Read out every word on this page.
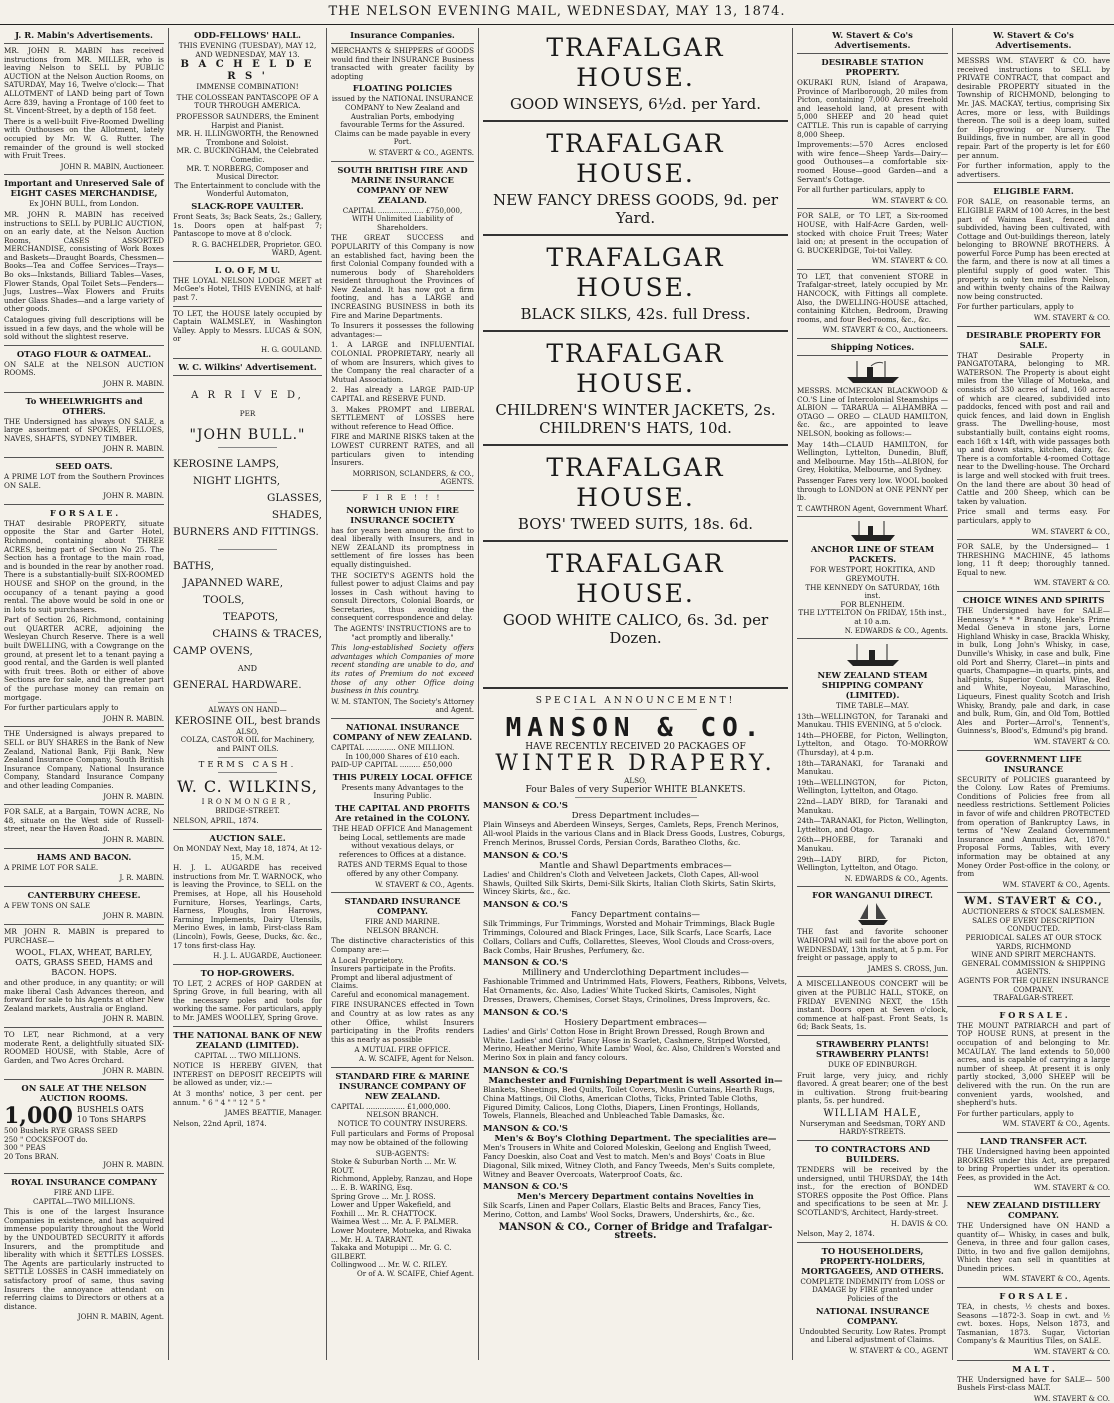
THE NELSON EVENING MAIL, WEDNESDAY, MAY 13, 1874.
J. R. Mabin's Advertisements.
MR. JOHN R. MABIN has received instructions from MR. MILLER, who is leaving Nelson to SELL by PUBLIC AUCTION at the Nelson Auction Rooms, on SATURDAY, May 16, Twelve o'clock:— That ALLOTMENT of LAND being part of Town Acre 839, having a Frontage of 100 feet to St. Vincent-Street, by a depth of 158 feet.
There is a well-built Five-Roomed Dwelling with Outhouses on the Allotment, lately occupied by Mr. W. G. Rutter. The remainder of the ground is well stocked with Fruit Trees.
JOHN R. MABIN, Auctioneer.
Important and Unreserved Sale of EIGHT CASES MERCHANDISE,
Ex JOHN BULL, from London.
MR. JOHN R. MABIN has received instructions to SELL by PUBLIC AUCTION, on an early date, at the Nelson Auction Rooms, CASES ASSORTED MERCHANDISE, consisting of Work Boxes and Baskets—Draught Boards, Chessmen—Books—Tea and Coffee Services—Trays—Bo oks—Inkstands, Billiard Tables—Vases, Flower Stands, Opal Toilet Sets—Fenders—Jugs, Lustres—Wax Flowers and Fruits under Glass Shades—and a large variety of other goods.
Catalogues giving full descriptions will be issued in a few days, and the whole will be sold without the slightest reserve.
OTAGO FLOUR & OATMEAL.
ON SALE at the NELSON AUCTION ROOMS.
JOHN R. MABIN.
To WHEELWRIGHTS and OTHERS.
THE Undersigned has always ON SALE, a large assortment of SPOKES, FELLOES, NAVES, SHAFTS, SYDNEY TIMBER.
JOHN R. MABIN.
SEED OATS.
A PRIME LOT from the Southern Provinces ON SALE.
JOHN R. MABIN.
F O R S A L E .
THAT desirable PROPERTY, situate opposite the Star and Garter Hotel, Richmond, containing about THREE ACRES, being part of Section No 25. The Section has a frontage to the main road, and is bounded in the rear by another road. There is a substantially-built SIX-ROOMED HOUSE and SHOP on the ground, in the occupancy of a tenant paying a good rental. The above would be sold in one or in lots to suit purchasers.
Part of Section 26, Richmond, containing out QUARTER ACRE, adjoining the Wesleyan Church Reserve. There is a well built DWELLING, with a Cowgrange on the ground, at present let to a tenant paying a good rental, and the Garden is well planted with fruit trees. Both or either of above Sections are for sale, and the greater part of the purchase money can remain on mortgage.
For further particulars apply to
JOHN R. MABIN.
THE Undersigned is always prepared to SELL or BUY SHARES in the Bank of New Zealand, National Bank, Fiji Bank, New Zealand Insurance Company, South British Insurance Company, National Insurance Company, Standard Insurance Company and other leading Companies.
JOHN R. MABIN.
FOR SALE, at a Bargain, TOWN ACRE, No 48, situate on the West side of Russell-street, near the Haven Road.
JOHN R. MABIN.
HAMS AND BACON.
A PRIME LOT FOR SALE.
J. R. MABIN.
CANTERBURY CHEESE.
A FEW TONS ON SALE
JOHN R. MABIN.
MR JOHN R. MABIN is prepared to PURCHASE—
WOOL, FLAX, WHEAT, BARLEY, OATS, GRASS SEED, HAMS and BACON. HOPS.
and other produce, in any quantity; or will make liberal Cash Advances thereon, and forward for sale to his Agents at other New Zealand markets, Australia or England.
JOHN R. MABIN.
TO LET, near Richmond, at a very moderate Rent, a delightfully situated SIX-ROOMED HOUSE, with Stable, Acre of Garden, and Two Acres Orchard.
JOHN R. MABIN.
ON SALE AT THE NELSON AUCTION ROOMS.
1,000 BUSHELS OATS
10 Tons SHARPS
500 Bushels RYE GRASS SEED
250 " COCKSFOOT do.
300 " PEAS
20 Tons BRAN.
JOHN R. MABIN.
ROYAL INSURANCE COMPANY
FIRE AND LIFE.
CAPITAL—TWO MILLIONS.
This is one of the largest Insurance Companies in existence, and has acquired immense popularity throughout the World by the UNDOUBTED SECURITY it affords Insurers, and the promptitude and liberality with which it SETTLES LOSSES. The Agents are particularly instructed to SETTLE LOSSES in CASH immediately on satisfactory proof of same, thus saving Insurers the annoyance attendant on referring claims to Directors or others at a distance.
JOHN R. MABIN, Agent.
ODD-FELLOWS' HALL.
THIS EVENING (TUESDAY), MAY 12, AND WEDNESDAY, MAY 13.
B A C H E L D E R S '
IMMENSE COMBINATION!
THE COLOSSEAN PANTASCOPE OF A TOUR THROUGH AMERICA.
PROFESSOR SAUNDERS, the Eminent Harpist and Pianist.
MR. H. ILLINGWORTH, the Renowned Trombone and Soloist.
MR. C. BUCKINGHAM, the Celebrated Comedic.
MR. T. NORBERG, Composer and Musical Director.
The Entertainment to conclude with the Wonderful Automaton,
SLACK-ROPE VAULTER.
Front Seats, 3s; Back Seats, 2s.; Gallery, 1s. Doors open at half-past 7; Pantascope to move at 8 o'clock.
R. G. BACHELDER, Proprietor. GEO. WARD, Agent.
I. O. O F, M U.
THE LOYAL NELSON LODGE MEET at McGee's Hotel, THIS EVENING, at half-past 7.
TO LET, the HOUSE lately occupied by Captain WALMSLEY, in Washington Valley. Apply to Messrs. LUCAS & SON, or
H. G. GOULAND.
W. C. Wilkins' Advertisement.
A R R I V E D,
PER
"JOHN BULL."
KEROSINE LAMPS,
NIGHT LIGHTS,
GLASSES,
SHADES,
BURNERS AND FITTINGS.
BATHS,
JAPANNED WARE,
TOOLS,
TEAPOTS,
CHAINS & TRACES,
CAMP OVENS,
AND
GENERAL HARDWARE.
ALWAYS ON HAND—
KEROSINE OIL, best brands
ALSO,
COLZA, CASTOR OIL for Machinery, and PAINT OILS.
TERMS CASH.
W. C. WILKINS,
IRONMONGER,
BRIDGE-STREET.
NELSON, APRIL, 1874.
AUCTION SALE.
On MONDAY Next, May 18, 1874, At 12-15, M.M.
H. J. L. AUGARDE has received instructions from Mr. T. WARNOCK, who is leaving the Province, to SELL on the Premises, at Hope, all his Household Furniture, Horses, Yearlings, Carts, Harness, Ploughs, Iron Harrows, Farming Implements, Dairy Utensils, Merino Ewes, in lamb, First-class Ram (Lincoln), Fowls, Geese, Ducks, &c. &c., 17 tons first-class Hay.
H. J. L. AUGARDE, Auctioneer.
TO HOP-GROWERS.
TO LET, 2 ACRES of HOP GARDEN at Spring Grove, in full bearing, with all the necessary poles and tools for working the same. For particulars, apply to Mr. JAMES WOOLLEY, Spring Grove.
THE NATIONAL BANK OF NEW ZEALAND (LIMITED).
CAPITAL ... TWO MILLIONS.
NOTICE IS HEREBY GIVEN, that INTEREST on DEPOSIT RECEIPTS will be allowed as under, viz.:—
At 3 months' notice, 3 per cent. per annum. " 6 " 4 " " 12 " 5 "
JAMES BEATTIE, Manager.
Nelson, 22nd April, 1874.
Insurance Companies.
MERCHANTS & SHIPPERS of GOODS would find their INSURANCE Business transacted with greater facility by adopting
FLOATING POLICIES
issued by the NATIONAL INSURANCE COMPANY to New Zealand and Australian Ports, embodying favourable Terms for the Assured. Claims can be made payable in every Port.
W. STAVERT & CO., AGENTS.
SOUTH BRITISH FIRE AND MARINE INSURANCE COMPANY OF NEW ZEALAND.
CAPITAL .................... £750,000,
WITH Unlimited Liability of Shareholders.
THE GREAT SUCCESS and POPULARITY of this Company is now an established fact, having been the first Colonial Company founded with a numerous body of Shareholders resident throughout the Provinces of New Zealand. It has now got a firm footing, and has a LARGE and INCREASING BUSINESS in both its Fire and Marine Departments.
To Insurers it possesses the following advantages:—
1. A LARGE and INFLUENTIAL COLONIAL PROPRIETARY, nearly all of whom are Insurers, which gives to the Company the real character of a Mutual Association.
2. Has already a LARGE PAID-UP CAPITAL and RESERVE FUND.
3. Makes PROMPT and LIBERAL SETTLEMENT of LOSSES here without reference to Head Office.
FIRE and MARINE RISKS taken at the LOWEST CURRENT RATES, and all particulars given to intending Insurers.
MORRISON, SCLANDERS, & CO., AGENTS.
F I R E ! ! !
NORWICH UNION FIRE INSURANCE SOCIETY
has for years been among the first to deal liberally with Insurers, and in NEW ZEALAND its promptness in settlement of fire losses has been equally distinguished.
THE SOCIETY'S AGENTS hold the fullest power to adjust Claims and pay losses in Cash without having to consult Directors, Colonial Boards, or Secretaries, thus avoiding the consequent correspondence and delay.
The AGENTS' INSTRUCTIONS are to "act promptly and liberally."
This long-established Society offers advantages which Companies of more recent standing are unable to do, and its rates of Premium do not exceed those of any other Office doing business in this country.
W. M. STANTON, The Society's Attorney and Agent.
NATIONAL INSURANCE COMPANY of NEW ZEALAND.
CAPITAL ............. ONE MILLION.
In 100,000 Shares of £10 each.
PAID-UP CAPITAL ......... £50,000
THIS PURELY LOCAL OFFICE
Presents many Advantages to the Insuring Public.
THE CAPITAL AND PROFITS Are retained in the COLONY.
THE HEAD OFFICE And Management being Local, settlements are made without vexatious delays, or references to Offices at a distance.
RATES AND TERMS Equal to those offered by any other Company.
W. STAVERT & CO., Agents.
STANDARD INSURANCE COMPANY.
FIRE AND MARINE.
NELSON BRANCH.
The distinctive characteristics of this Company are:—
A Local Proprietory.
Insurers participate in the Profits.
Prompt and liberal adjustment of Claims.
Careful and economical management.
FIRE INSURANCES effected in Town and Country at as low rates as any other Office, whilst Insurers participating in the Profits renders this as nearly as possible
A MUTUAL FIRE OFFICE.
A. W. SCAIFE, Agent for Nelson.
STANDARD FIRE & MARINE INSURANCE COMPANY OF NEW ZEALAND.
CAPITAL ................. £1,000,000.
NELSON BRANCH.
NOTICE TO COUNTRY INSURERS.
Full particulars and Forms of Proposal may now be obtained of the following
SUB-AGENTS:
Stoke & Suburban North ... Mr. W. ROUT.
Richmond, Appleby, Ranzau, and Hope ... E. B. WARING, Esq.
Spring Grove ... Mr. J. ROSS.
Lower and Upper Wakefield, and Foxhill ... Mr. R. CHATTOCK.
Waimea West ... Mr. A. F. PALMER.
Lower Moutere, Motueka, and Riwaka ... Mr. H. A. TARRANT.
Takaka and Motupipi ... Mr. G. C. GILBERT.
Collingwood ... Mr. W. C. RILEY.
Or of A. W. SCAIFE, Chief Agent.
TRAFALGAR HOUSE.
GOOD WINSEYS, 6½d. per Yard.
TRAFALGAR HOUSE.
NEW FANCY DRESS GOODS, 9d. per Yard.
TRAFALGAR HOUSE.
BLACK SILKS, 42s. full Dress.
TRAFALGAR HOUSE.
CHILDREN'S WINTER JACKETS, 2s. CHILDREN'S HATS, 10d.
TRAFALGAR HOUSE.
BOYS' TWEED SUITS, 18s. 6d.
TRAFALGAR HOUSE.
GOOD WHITE CALICO, 6s. 3d. per Dozen.
SPECIAL ANNOUNCEMENT!
MANSON & CO.
HAVE RECENTLY RECEIVED 20 PACKAGES OF
WINTER DRAPERY.
ALSO,
Four Bales of very Superior WHITE BLANKETS.
MANSON & CO.'S
Dress Department includes—
Plain Winseys and Aberdeen Winseys, Serges, Camlets, Reps, French Merinos, All-wool Plaids in the various Clans and in Black Dress Goods, Lustres, Coburgs, French Merinos, Brussel Cords, Persian Cords, Baratheo Cloths, &c.
MANSON & CO.'S
Mantle and Shawl Departments embraces—
Ladies' and Children's Cloth and Velveteen Jackets, Cloth Capes, All-wool Shawls, Quilted Silk Skirts, Demi-Silk Skirts, Italian Cloth Skirts, Satin Skirts, Wincey Skirts, &c., &c.
MANSON & CO.'S
Fancy Department contains—
Silk Trimmings, Fur Trimmings, Worsted and Mohair Trimmings, Black Bugle Trimmings, Coloured and Black Fringes, Lace, Silk Scarfs, Lace Scarfs, Lace Collars, Collars and Cuffs, Collarettes, Sleeves, Wool Clouds and Cross-overs, Back Combs, Hair Brushes, Perfumery, &c.
MANSON & CO.'S
Millinery and Underclothing Department includes—
Fashionable Trimmed and Untrimmed Hats, Flowers, Feathers, Ribbons, Velvets, Hat Ornaments, &c. Also, Ladies' White Tucked Skirts, Camisoles, Night Dresses, Drawers, Chemises, Corset Stays, Crinolines, Dress Improvers, &c.
MANSON & CO.'S
Hosiery Department embraces—
Ladies' and Girls' Cotton Hose in Bright Brown Dressed, Rough Brown and White. Ladies' and Girls' Fancy Hose in Scarlet, Cashmere, Striped Worsted, Merino, Heather Merino, White Lambs' Wool, &c. Also, Children's Worsted and Merino Sox in plain and fancy colours.
MANSON & CO.'S
Manchester and Furnishing Department is well Assorted in—
Blankets, Sheetings, Bed Quilts, Toilet Covers, Muslin Curtains, Hearth Rugs, China Mattings, Oil Cloths, American Cloths, Ticks, Printed Table Cloths, Figured Dimity, Calicos, Long Cloths, Diapers, Linen Frontings, Hollands, Towels, Flannels, Bleached and Unbleached Table Damasks, &c.
MANSON & CO.'S
Men's & Boy's Clothing Department. The specialities are—
Men's Trousers in White and Colored Moleskin, Geelong and English Tweed, Fancy Doeskin, also Coat and Vest to match. Men's and Boys' Coats in Blue Diagonal, Silk mixed, Witney Cloth, and Fancy Tweeds, Men's Suits complete, Witney and Beaver Overcoats, Waterproof Coats, &c.
MANSON & CO.'S
Men's Mercery Department contains Novelties in
Silk Scarfs, Linen and Paper Collars, Elastic Belts and Braces, Fancy Ties, Merino, Cotton, and Lambs' Wool Socks, Drawers, Undershirts, &c., &c.
MANSON & CO., Corner of Bridge and Trafalgar-streets.
W. Stavert & Co's Advertisements.
DESIRABLE STATION PROPERTY.
OKURAKI RUN, Island of Arapawa, Province of Marlborough, 20 miles from Picton, containing 7,000 Acres freehold and leasehold land, at present with 5,000 SHEEP and 20 head quiet CATTLE. This run is capable of carrying 8,000 Sheep.
Improvements:—570 Acres enclosed with wire fence—Sheep Yards—Dairy—good Outhouses—a comfortable six-roomed House—good Garden—and a Servant's Cottage.
For all further particulars, apply to
WM. STAVERT & CO.
FOR SALE, or TO LET, a Six-roomed HOUSE, with Half-Acre Garden, well-stocked with choice Fruit Trees; Water laid on; at present in the occupation of G. BUCKERIDGE, Toi-toi Valley.
WM. STAVERT & CO.
TO LET, that convenient STORE in Trafalgar-street, lately occupied by Mr. HANCOCK, with Fittings all complete. Also, the DWELLING-HOUSE attached, containing Kitchen, Bedroom, Drawing rooms, and four Bed-rooms, &c., &c.
WM. STAVERT & CO., Auctioneers.
Shipping Notices.
MESSRS. MCMECKAN BLACKWOOD & CO.'S Line of Intercolonial Steamships — ALBION — TARARUA — ALHAMBRA — OTAGO — OREO — CLAUD HAMILTON, &c. &c., are appointed to leave NELSON, booking as follows:—
May 14th—CLAUD HAMILTON, for Wellington, Lyttelton, Dunedin, Bluff, and Melbourne. May 15th—ALBION, for Grey, Hokitika, Melbourne, and Sydney.
Passenger Fares very low. WOOL booked through to LONDON at ONE PENNY per lb.
T. CAWTHRON Agent, Government Wharf.
ANCHOR LINE OF STEAM PACKETS.
FOR WESTPORT, HOKITIKA, AND GREYMOUTH.
THE KENNEDY On SATURDAY, 16th inst.
FOR BLENHEIM.
THE LYTTELTON On FRIDAY, 15th inst., at 10 a.m.
N. EDWARDS & CO., Agents.
NEW ZEALAND STEAM SHIPPING COMPANY (LIMITED).
TIME TABLE—MAY.
13th—WELLINGTON, for Taranaki and Manukau. THIS EVENING, at 5 o'clock.
14th—PHOEBE, for Picton, Wellington, Lyttelton, and Otago. TO-MORROW (Thursday), at 4 p.m.
18th—TARANAKI, for Taranaki and Manukau.
19th—WELLINGTON, for Picton, Wellington, Lyttelton, and Otago.
22nd—LADY BIRD, for Taranaki and Manukau.
24th—TARANAKI, for Picton, Wellington, Lyttelton, and Otago.
26th—PHOEBE, for Taranaki and Manukau.
29th—LADY BIRD, for Picton, Wellington, Lyttelton, and Otago.
N. EDWARDS & CO., Agents.
FOR WANGANUI DIRECT.
THE fast and favorite schooner WAIHOPAI will sail for the above port on WEDNESDAY, 13th instant, at 5 p.m. For freight or passage, apply to
JAMES S. CROSS, Jun.
A MISCELLANEOUS CONCERT will be given at the PUBLIC HALL, STOKE, on FRIDAY EVENING NEXT, the 15th instant. Doors open at Seven o'clock, commence at half-past. Front Seats, 1s 6d; Back Seats, 1s.
STRAWBERRY PLANTS! STRAWBERRY PLANTS!
DUKE OF EDINBURGH.
Fruit large, very juicy, and richly flavored. A great bearer; one of the best in cultivation. Strong fruit-bearing plants, 5s. per hundred.
WILLIAM HALE,
Nurseryman and Seedsman, TORY AND HARDY-STREETS.
TO CONTRACTORS AND BUILDERS.
TENDERS will be received by the undersigned, until THURSDAY, the 14th inst., for the erection of BONDED STORES opposite the Post Office. Plans and specifications to be seen at Mr. J. SCOTLAND'S, Architect, Hardy-street.
H. DAVIS & CO.
Nelson, May 2, 1874.
TO HOUSEHOLDERS, PROPERTY-HOLDERS, MORTGAGEES, AND OTHERS.
COMPLETE INDEMNITY from LOSS or DAMAGE by FIRE granted under Policies of the
NATIONAL INSURANCE COMPANY.
Undoubted Security. Low Rates. Prompt and Liberal adjustment of Claims.
W. STAVERT & CO., AGENT
W. Stavert & Co's Advertisements.
MESSRS WM. STAVERT & CO. have received instructions to SELL by PRIVATE CONTRACT, that compact and desirable PROPERTY situated in the Township of RICHMOND, belonging to Mr. JAS. MACKAY, tertius, comprising Six Acres, more or less, with Buildings thereon. The soil is a deep loam, suited for Hop-growing or Nursery. The Buildings, five in number, are all in good repair. Part of the property is let for £60 per annum.
For further information, apply to the advertisers.
ELIGIBLE FARM.
FOR SALE, on reasonable terms, an ELIGIBLE FARM of 100 Acres, in the best part of Waimea East, fenced and subdivided, having been cultivated, with Cottage and Out-buildings thereon, lately belonging to BROWNE BROTHERS. A powerful Force Pump has been erected at the farm, and there is now at all times a plentiful supply of good water. This property is only ten miles from Nelson, and within twenty chains of the Railway now being constructed.
For further particulars, apply to
WM. STAVERT & CO.
DESIRABLE PROPERTY FOR SALE.
THAT Desirable Property in PANGATOTARA, belonging to MR. WATERSON. The Property is about eight miles from the Village of Motueka, and consists of 330 acres of land, 160 acres of which are cleared, subdivided into paddocks, fenced with post and rail and quick fences, and laid down in English grass. The Dwelling-house, most substantially built, contains eight rooms, each 16ft x 14ft, with wide passages both up and down stairs, kitchen, dairy, &c. There is a comfortable 4-roomed Cottage near to the Dwelling-house. The Orchard is large and well stocked with fruit trees. On the land there are about 30 head of Cattle and 200 Sheep, which can be taken by valuation.
Price small and terms easy. For particulars, apply to
WM. STAVERT & CO.,
FOR SALE, by the Undersigned— 1 THRESHING MACHINE, 45 lathoms long, 11 ft deep; thoroughly tanned. Equal to new.
WM. STAVERT & CO.
CHOICE WINES AND SPIRITS
THE Undersigned have for SALE— Hennessy's * * * Brandy, Henke's Prime Medal Geneva in stone jars, Lorne Highland Whisky in case, Brackla Whisky, in bulk, Long John's Whisky, in case, Dunville's Whisky, in case and bulk, Fine old Port and Sherry, Claret—in pints and quarts, Champagne—in quarts, pints, and half-pints, Superior Colonial Wine, Red and White, Noyeau, Maraschino, Liqueurs, Finest quality Scotch and Irish Whisky, Brandy, pale and dark, in case and bulk, Rum, Gin, and Old Tom, Bottled Ales and Porter—Arrol's, Tennent's, Guinness's, Blood's, Edmund's pig brand.
WM. STAVERT & CO.
GOVERNMENT LIFE INSURANCE
SECURITY of POLICIES guaranteed by the Colony. Low Rates of Premiums. Conditions of Policies free from all needless restrictions. Settlement Policies in favor of wife and children PROTECTED from operation of Bankruptcy Laws, in terms of "New Zealand Government Insurance and Annuities Act, 1870." Proposal Forms, Tables, with every information may be obtained at any Money Order Post-office in the colony, or from
WM. STAVERT & CO., Agents.
WM. STAVERT & CO.,
AUCTIONEERS & STOCK SALESMEN.
SALES OF EVERY DESCRIPTION CONDUCTED.
PERIODICAL SALES AT OUR STOCK YARDS, RICHMOND
WINE AND SPIRIT MERCHANTS.
GENERAL COMMISSION & SHIPPING AGENTS.
AGENTS FOR THE QUEEN INSURANCE COMPANY.
TRAFALGAR-STREET.
F O R S A L E .
THE MOUNT PATRIARCH and part of TOP HOUSE RUNS, at present in the occupation of and belonging to Mr. MCAULAY. The land extends to 50,000 acres, and is capable of carrying a large number of sheep. At present it is only partly stocked, 3,000 SHEEP will be delivered with the run. On the run are convenient yards, woolshed, and shepherd's huts.
For further particulars, apply to
WM. STAVERT & CO., Agents.
LAND TRANSFER ACT.
THE Undersigned having been appointed BROKERS under this Act, are prepared to bring Properties under its operation. Fees, as provided in the Act.
WM. STAVERT & CO.
NEW ZEALAND DISTILLERY COMPANY.
THE Undersigned have ON HAND a quantity of— Whisky, in cases and bulk, Geneva, in three and four gallon cases, Ditto, in two and five gallon demijohns, Which they can sell in quantities at Dunedin prices.
WM. STAVERT & CO., Agents.
F O R S A L E .
TEA, in chests, ½ chests and boxes. Seasons —1872-3. Soap in cwt. and ½ cwt. boxes. Hops, Nelson 1873, and Tasmanian, 1873. Sugar, Victorian Company's & Mauritius Tiles, on SALE.
WM. STAVERT & CO.
M A L T .
THE Undersigned have for SALE— 500 Bushels First-class MALT.
WM. STAVERT & CO.
